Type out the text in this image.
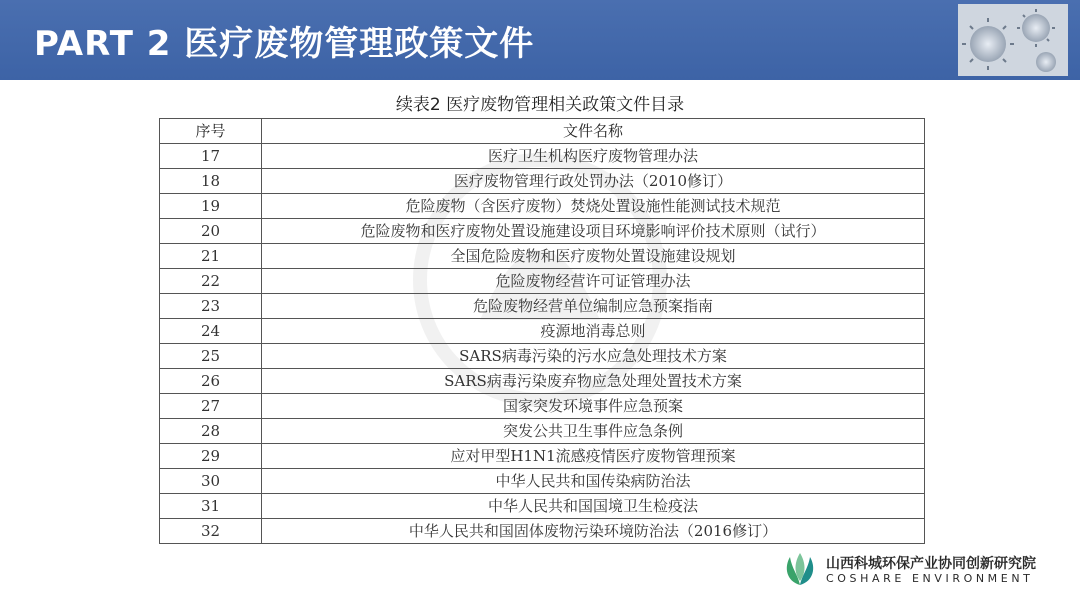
PART 2 医疗废物管理政策文件
续表2 医疗废物管理相关政策文件目录
序号	文件名称
17	医疗卫生机构医疗废物管理办法
18	医疗废物管理行政处罚办法（2010修订）
19	危险废物（含医疗废物）焚烧处置设施性能测试技术规范
20	危险废物和医疗废物处置设施建设项目环境影响评价技术原则（试行）
21	全国危险废物和医疗废物处置设施建设规划
22	危险废物经营许可证管理办法
23	危险废物经营单位编制应急预案指南
24	疫源地消毒总则
25	SARS病毒污染的污水应急处理技术方案
26	SARS病毒污染废弃物应急处理处置技术方案
27	国家突发环境事件应急预案
28	突发公共卫生事件应急条例
29	应对甲型H1N1流感疫情医疗废物管理预案
30	中华人民共和国传染病防治法
31	中华人民共和国国境卫生检疫法
32	中华人民共和国固体废物污染环境防治法（2016修订）
山西科城环保产业协同创新研究院
COSHARE ENVIRONMENT
